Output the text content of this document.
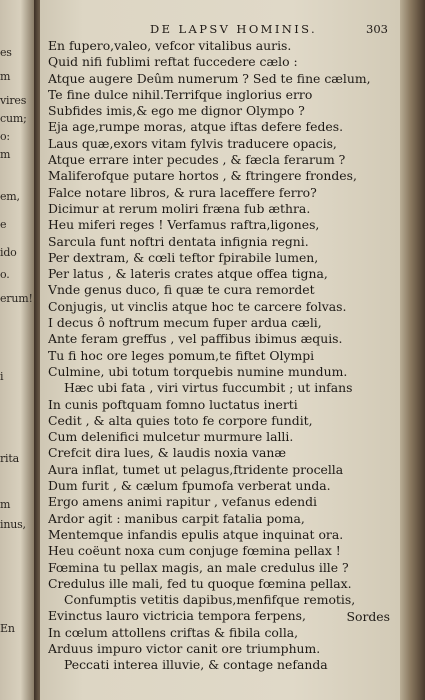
es
m
vires
cum;
o:
m
em,
e
ido
o.
erum!
i
rita
m
inus,
En
DE LAPSV HOMINIS.	303
En fupero,valeo, vefcor vitalibus auris.
Quid nifi fublimi reftat fuccedere cælo :
Atque augere Deûm numerum ? Sed te fine cælum,
Te fine dulce nihil.Terrifque inglorius erro
Subfides imis,& ego me dignor Olympo ?
Eja age,rumpe moras, atque iftas defere fedes.
Laus quæ,exors vitam fylvis traducere opacis,
Atque errare inter pecudes , & fæcla ferarum ?
Maliferofque putare hortos , & ftringere frondes,
Falce notare libros, & rura laceffere ferro?
Dicimur at rerum moliri fræna fub æthra.
Heu miferi reges ! Verfamus raftra,ligones,
Sarcula funt noftri dentata infignia regni.
Per dextram, & cœli teftor fpirabile lumen,
Per latus , & lateris crates atque offea tigna,
Vnde genus duco, fi quæ te cura remordet
Conjugis, ut vinclis atque hoc te carcere folvas.
I decus ô noftrum mecum fuper ardua cæli,
Ante feram greffus , vel paffibus ibimus æquis.
Tu fi hoc ore leges pomum,te fiftet Olympi
Culmine, ubi totum torquebis numine mundum.
Hæc ubi fata , viri virtus fuccumbit ; ut infans
In cunis poftquam fomno luctatus inerti
Cedit , & alta quies toto fe corpore fundit,
Cum delenifici mulcetur murmure lalli.
Crefcit dira lues, & laudis noxia vanæ
Aura inflat, tumet ut pelagus,ftridente procella
Dum furit , & cælum fpumofa verberat unda.
Ergo amens animi rapitur , vefanus edendi
Ardor agit : manibus carpit fatalia poma,
Mentemque infandis epulis atque inquinat ora.
Heu coëunt noxa cum conjuge fœmina pellax !
Fœmina tu pellax magis, an male credulus ille ?
Credulus ille mali, fed tu quoque fœmina pellax.
Confumptis vetitis dapibus,menfifque remotis,
Evinctus lauro victricia tempora ferpens,
In cœlum attollens criftas & fibila colla,
Arduus impuro victor canit ore triumphum.
Peccati interea illuvie, & contage nefanda
Sordes
